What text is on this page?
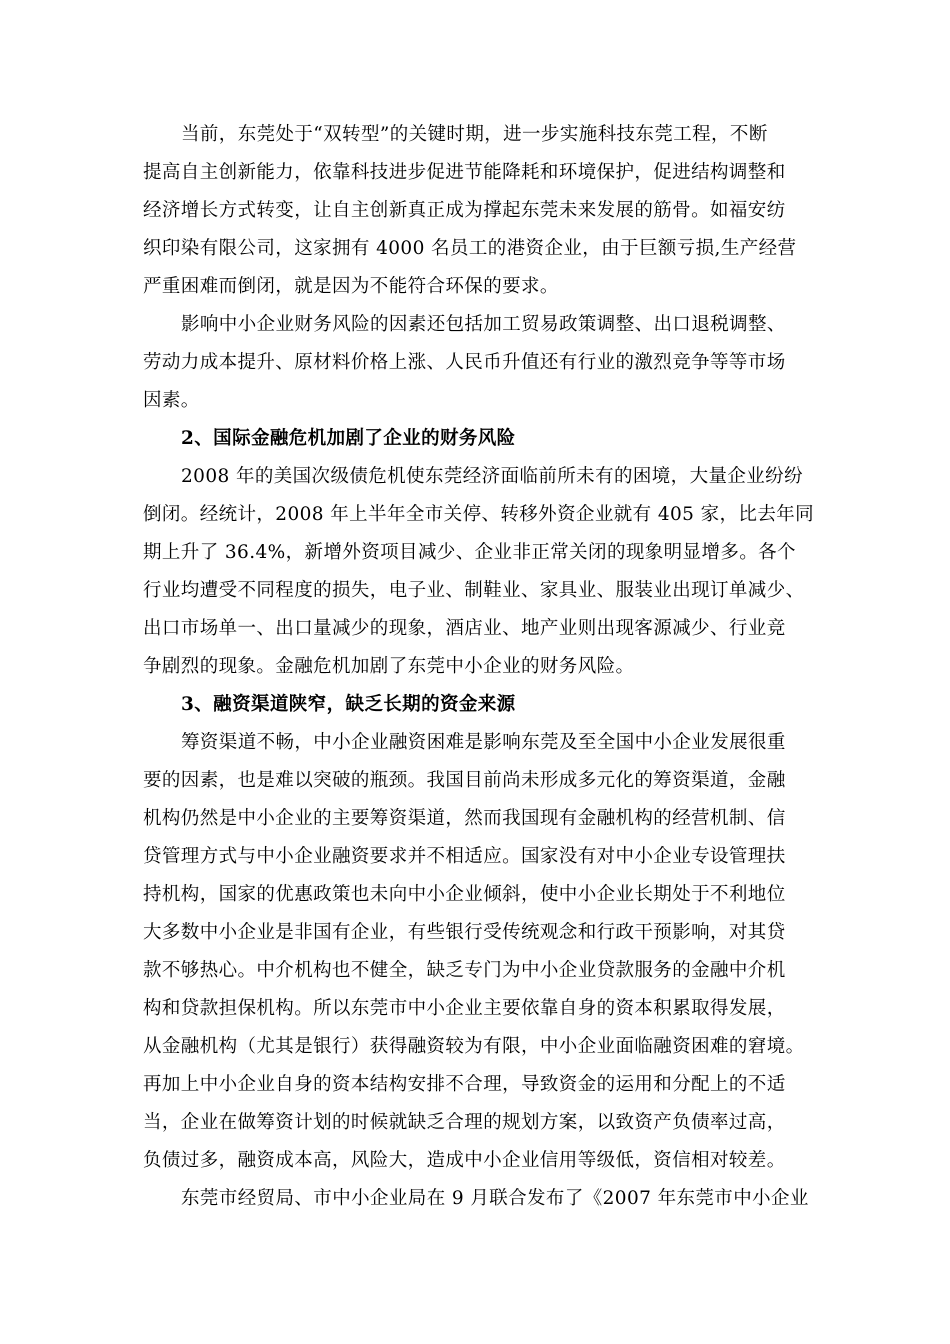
当前，东莞处于“双转型”的关键时期，进一步实施科技东莞工程，不断
提高自主创新能力，依靠科技进步促进节能降耗和环境保护，促进结构调整和
经济增长方式转变，让自主创新真正成为撑起东莞未来发展的筋骨。如福安纺
织印染有限公司，这家拥有 4000 名员工的港资企业，由于巨额亏损,生产经营
严重困难而倒闭，就是因为不能符合环保的要求。
影响中小企业财务风险的因素还包括加工贸易政策调整、出口退税调整、
劳动力成本提升、原材料价格上涨、人民币升值还有行业的激烈竞争等等市场
因素。
2、国际金融危机加剧了企业的财务风险
2008 年的美国次级债危机使东莞经济面临前所未有的困境，大量企业纷纷
倒闭。经统计，2008 年上半年全市关停、转移外资企业就有 405 家，比去年同
期上升了 36.4%，新增外资项目减少、企业非正常关闭的现象明显增多。各个
行业均遭受不同程度的损失，电子业、制鞋业、家具业、服装业出现订单减少、
出口市场单一、出口量减少的现象，酒店业、地产业则出现客源减少、行业竞
争剧烈的现象。金融危机加剧了东莞中小企业的财务风险。
3、融资渠道陕窄，缺乏长期的资金来源
筹资渠道不畅，中小企业融资困难是影响东莞及至全国中小企业发展很重
要的因素，也是难以突破的瓶颈。我国目前尚未形成多元化的筹资渠道，金融
机构仍然是中小企业的主要筹资渠道，然而我国现有金融机构的经营机制、信
贷管理方式与中小企业融资要求并不相适应。国家没有对中小企业专设管理扶
持机构，国家的优惠政策也未向中小企业倾斜，使中小企业长期处于不利地位
大多数中小企业是非国有企业，有些银行受传统观念和行政干预影响，对其贷
款不够热心。中介机构也不健全，缺乏专门为中小企业贷款服务的金融中介机
构和贷款担保机构。所以东莞市中小企业主要依靠自身的资本积累取得发展，
从金融机构（尤其是银行）获得融资较为有限，中小企业面临融资困难的窘境。
再加上中小企业自身的资本结构安排不合理，导致资金的运用和分配上的不适
当，企业在做筹资计划的时候就缺乏合理的规划方案，以致资产负债率过高，
负债过多，融资成本高，风险大，造成中小企业信用等级低，资信相对较差。
东莞市经贸局、市中小企业局在 9 月联合发布了《2007 年东莞市中小企业
